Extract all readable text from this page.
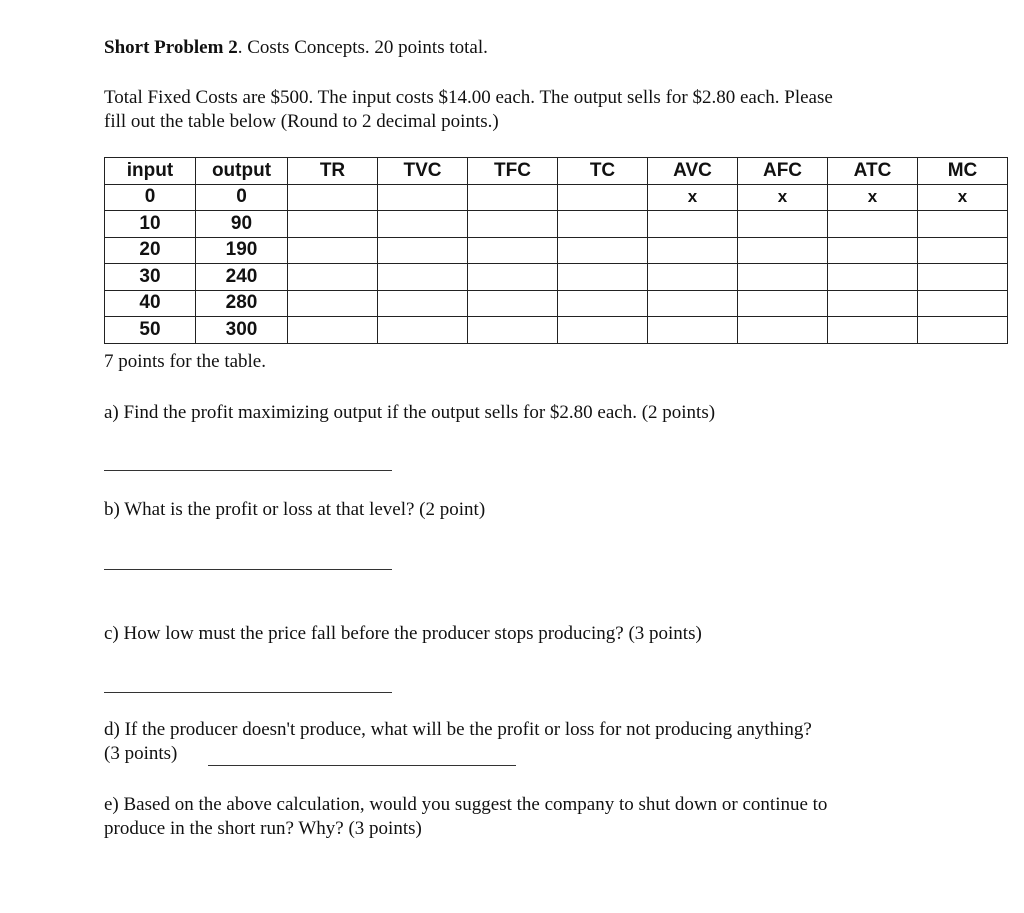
Short Problem 2. Costs Concepts. 20 points total.
Total Fixed Costs are $500. The input costs $14.00 each. The output sells for $2.80 each. Please
fill out the table below (Round to 2 decimal points.)
input	output	TR	TVC	TFC	TC	AVC	AFC	ATC	MC
0	0					x	x	x	x
10	90								
20	190								
30	240								
40	280								
50	300								
7 points for the table.
a) Find the profit maximizing output if the output sells for $2.80 each. (2 points)
b) What is the profit or loss at that level? (2 point)
c) How low must the price fall before the producer stops producing? (3 points)
d) If the producer doesn't produce, what will be the profit or loss for not producing anything?
(3 points)
e) Based on the above calculation, would you suggest the company to shut down or continue to
produce in the short run? Why? (3 points)
